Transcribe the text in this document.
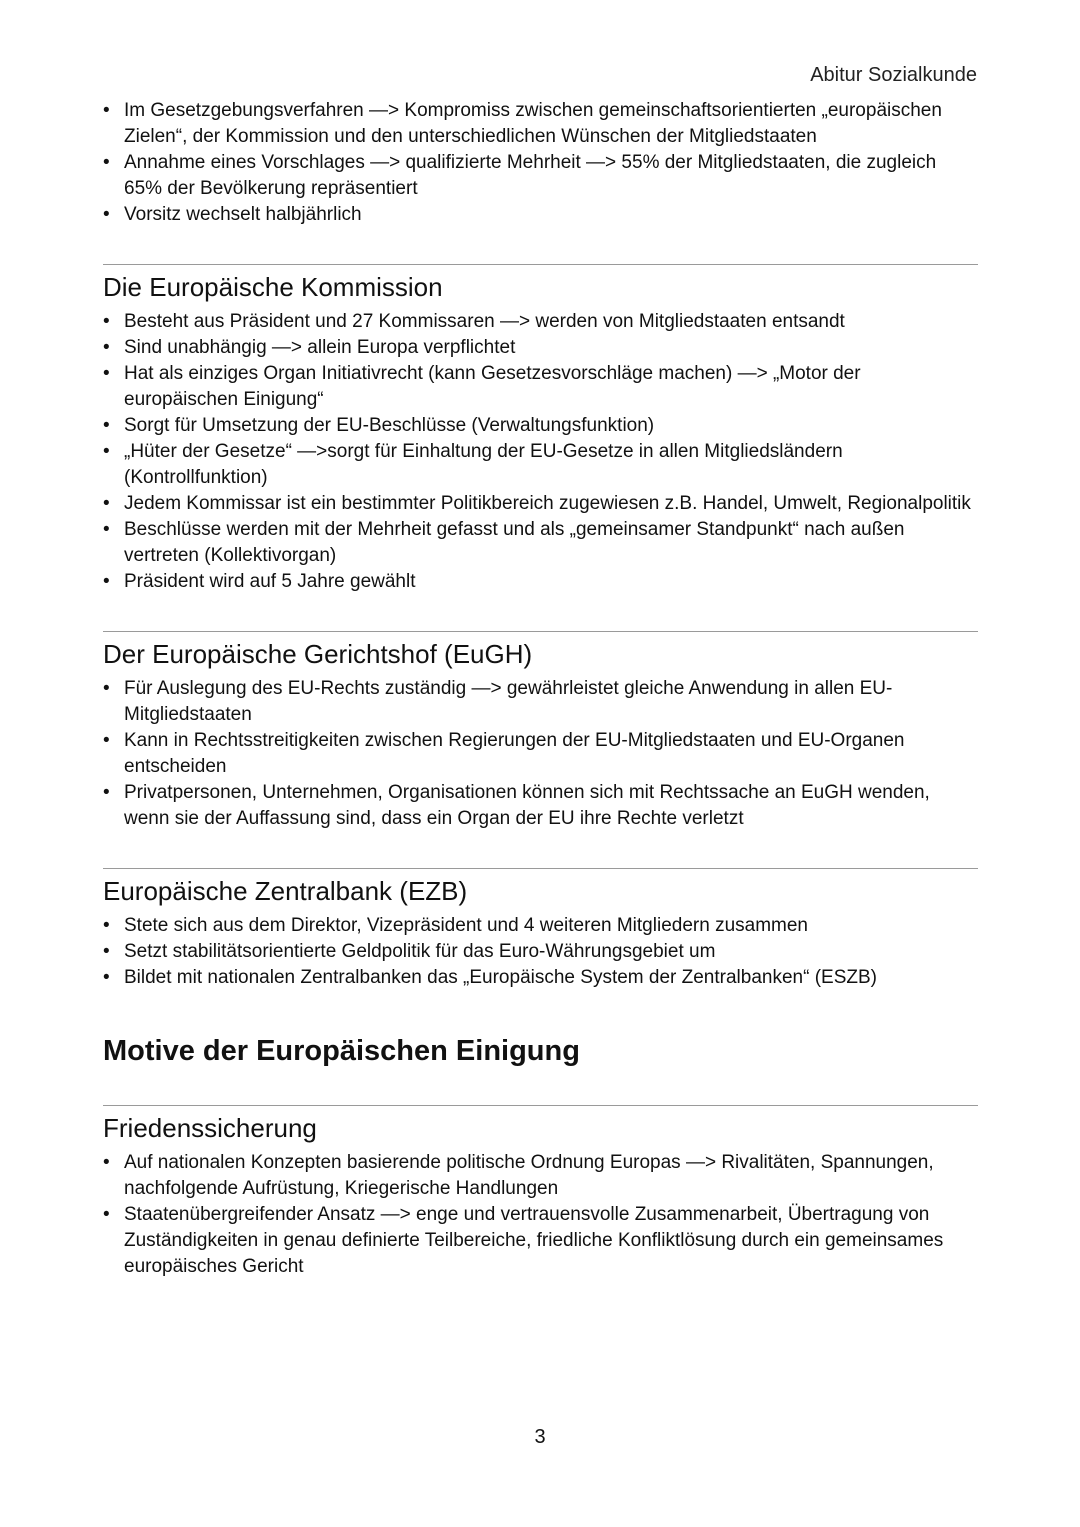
Abitur Sozialkunde
• Im Gesetzgebungsverfahren —> Kompromiss zwischen gemeinschaftsorientierten „europäischen Zielen“, der Kommission und den unterschiedlichen Wünschen der Mitgliedstaaten
• Annahme eines Vorschlages —> qualifizierte Mehrheit —> 55% der Mitgliedstaaten, die zugleich 65% der Bevölkerung repräsentiert
• Vorsitz wechselt halbjährlich
Die Europäische Kommission
• Besteht aus Präsident und 27 Kommissaren —> werden von Mitgliedstaaten entsandt
• Sind unabhängig —> allein Europa verpflichtet
• Hat als einziges Organ Initiativrecht (kann Gesetzesvorschläge machen) —> „Motor der europäischen Einigung“
• Sorgt für Umsetzung der EU-Beschlüsse (Verwaltungsfunktion)
• „Hüter der Gesetze“ —>sorgt für Einhaltung der EU-Gesetze in allen Mitgliedsländern (Kontrollfunktion)
• Jedem Kommissar ist ein bestimmter Politikbereich zugewiesen z.B. Handel, Umwelt, Regionalpolitik
• Beschlüsse werden mit der Mehrheit gefasst und als „gemeinsamer Standpunkt“ nach außen vertreten (Kollektivorgan)
• Präsident wird auf 5 Jahre gewählt
Der Europäische Gerichtshof (EuGH)
• Für Auslegung des EU-Rechts zuständig —> gewährleistet gleiche Anwendung in allen EU-Mitgliedstaaten
• Kann in Rechtsstreitigkeiten zwischen Regierungen der EU-Mitgliedstaaten und EU-Organen entscheiden
• Privatpersonen, Unternehmen, Organisationen können sich mit Rechtssache an EuGH wenden, wenn sie der Auffassung sind, dass ein Organ der EU ihre Rechte verletzt
Europäische Zentralbank (EZB)
• Stete sich aus dem Direktor, Vizepräsident und 4 weiteren Mitgliedern zusammen
• Setzt stabilitätsorientierte Geldpolitik für das Euro-Währungsgebiet um
• Bildet mit nationalen Zentralbanken das „Europäische System der Zentralbanken“ (ESZB)
Motive der Europäischen Einigung
Friedenssicherung
• Auf nationalen Konzepten basierende politische Ordnung Europas —> Rivalitäten, Spannungen, nachfolgende Aufrüstung, Kriegerische Handlungen
• Staatenübergreifender Ansatz —> enge und vertrauensvolle Zusammenarbeit, Übertragung von Zuständigkeiten in genau definierte Teilbereiche, friedliche Konfliktlösung durch ein gemeinsames europäisches Gericht
3
